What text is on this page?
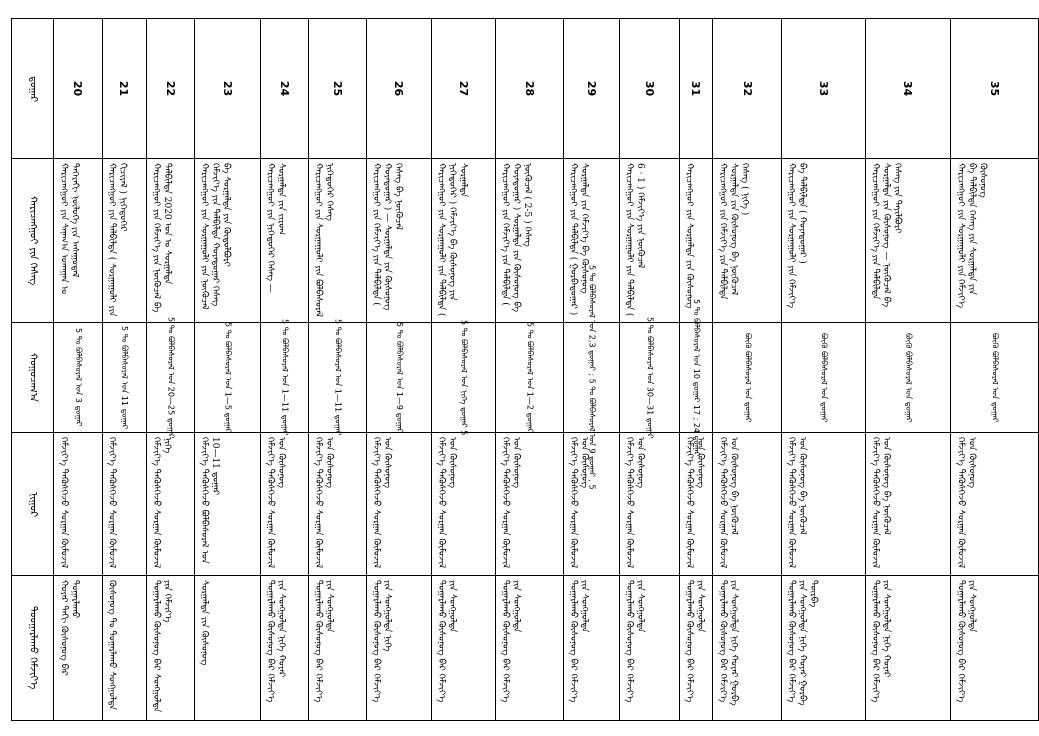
ᠳ᠋ᠤᠭᠠᠷ	20	21	22	23	24	25	26	27	28	29	30	31	32	33	34	35

ᠬᠠᠷᠢᠴᠠᠩᠭᠤᠢ ᠶᠢᠨ ᠬᠡᠰᠡᠭ	ᠬᠠᠷᠢᠴᠠᠩᠭᠤᠢ ᠶᠢᠨ ᠰᠠᠨᠠᠭ᠎ᠠ ᠤᠬᠠᠭᠠᠨ ᠤ ᠳᠡᠭᠡᠷᠡᠬᠢ ᠨᠥᠯᠦᠭᠡ ᠶᠢᠨ ᠠᠰᠠᠭᠤᠳᠠᠯ	ᠬᠠᠷᠢᠴᠠᠩᠭᠤᠢ ᠶᠢᠨ ᠲᠠᠯᠪᠢᠯᠲᠠ ( ᠰᠤᠷᠭᠠᠭᠤᠯᠢ ᠶᠢᠨ ᠬᠢᠴᠢᠶᠡᠯ ) ᠨᠢᠭᠡᠳᠦᠭᠡᠷ	ᠬᠠᠷᠢᠴᠠᠩᠭᠤᠢ ᠶᠢᠨ ᠬᠡᠮᠵᠢᠶ᠎ᠡ ᠶᠢᠨ ᠨᠥᠬᠦᠴᠡᠯ ᠪᠠ ᠲᠠᠯᠪᠢᠯᠲᠠ 2020 ᠣᠨ ᠤ ᠰᠤᠷᠭᠠᠯᠲᠠ	ᠬᠠᠷᠢᠴᠠᠩᠭᠤᠢ ᠶᠢᠨ ᠰᠤᠷᠭᠠᠭᠤᠯᠢ ᠶᠢᠨ ᠨᠥᠬᠦᠴᠡᠯ ᠬᠡᠮᠵᠢᠶ᠎ᠡ ᠶᠢᠨ ᠲᠠᠯᠪᠢᠯᠲᠠ ᠬᠣᠶᠠᠳᠤᠭᠠᠷ ᠬᠡᠰᠡᠭ ᠪᠠ ᠰᠤᠷᠭᠠᠯᠲᠠ ᠶᠢᠨ ᠬᠥᠲᠦᠯᠪᠦᠷᠢ	ᠬᠠᠷᠢᠴᠠᠩᠭᠤᠢ ᠶᠢᠨ ᠨᠢᠭᠡᠳᠦᠭᠡᠷ ᠬᠡᠰᠡᠭ — ᠰᠤᠷᠭᠠᠯᠲᠠ ᠶᠢᠨ ᠵᠢᠷᠤᠭ	ᠬᠠᠷᠢᠴᠠᠩᠭᠤᠢ ᠶᠢᠨ ᠰᠤᠷᠭᠠᠭᠤᠯᠢ ᠶᠢᠨ ᠪᠣᠯᠪᠠᠰᠤᠷᠠᠯ ᠨᠢᠭᠡᠳᠦᠭᠡᠷ ᠬᠡᠰᠡᠭ	ᠬᠠᠷᠢᠴᠠᠩᠭᠤᠢ ᠶᠢᠨ ᠬᠡᠮᠵᠢᠶ᠎ᠡ ᠶᠢᠨ ᠲᠠᠯᠪᠢᠯᠲᠠ ( ᠬᠣᠶᠠᠳᠤᠭᠠᠷ ) — ᠰᠤᠷᠭᠠᠯᠲᠠ ᠶᠢᠨ ᠬᠦᠰᠦᠨᠦᠭ ᠬᠡᠰᠡᠭ ᠪᠠ ᠨᠥᠬᠦᠴᠡᠯ	ᠬᠠᠷᠢᠴᠠᠩᠭᠤᠢ ᠶᠢᠨ ᠰᠤᠷᠭᠠᠭᠤᠯᠢ ᠶᠢᠨ ᠲᠠᠯᠪᠢᠯᠲᠠ ( ᠨᠢᠭᠡᠳᠦᠭᠡᠷ ) ᠬᠡᠮᠵᠢᠶ᠎ᠡ ᠪᠠ ᠬᠦᠰᠦᠨᠦᠭ ᠶᠢᠨ ᠰᠤᠷᠭᠠᠯᠲᠠ	ᠬᠠᠷᠢᠴᠠᠩᠭᠤᠢ ᠶᠢᠨ ᠬᠡᠮᠵᠢᠶ᠎ᠡ ᠶᠢᠨ ᠲᠠᠯᠪᠢᠯᠲᠠ ( ᠬᠣᠶᠠᠳᠤᠭᠠᠷ ) ᠰᠤᠷᠭᠠᠯᠲᠠ ᠶᠢᠨ ᠬᠦᠰᠦᠨᠦᠭ ᠪᠠ ᠨᠥᠬᠦᠴᠡᠯ ( 2-5 ) ᠬᠡᠰᠡᠭ	ᠬᠠᠷᠢᠴᠠᠩᠭᠤᠢ ᠶᠢᠨ ᠲᠠᠯᠪᠢᠯᠲᠠ ( ᠭᠤᠷᠪᠠᠳᠤᠭᠠᠷ ) ᠰᠤᠷᠭᠠᠯᠲᠠ ᠶᠢᠨ ᠬᠡᠮᠵᠢᠶ᠎ᠡ ᠪᠠ ᠬᠦᠰᠦᠨᠦᠭ	ᠬᠠᠷᠢᠴᠠᠩᠭᠤᠢ ᠶᠢᠨ ᠰᠤᠷᠭᠠᠭᠤᠯᠢ ᠶᠢᠨ ᠲᠠᠯᠪᠢᠯᠲᠠ ( 6 · 1 ) ᠬᠡᠮᠵᠢᠶ᠎ᠡ ᠶᠢᠨ ᠨᠥᠬᠦᠴᠡᠯ	ᠬᠠᠷᠢᠴᠠᠩᠭᠤᠢ ᠶᠢᠨ ᠰᠤᠷᠭᠠᠯᠲᠠ ᠶᠢᠨ ᠬᠦᠰᠦᠨᠦᠭ	ᠬᠠᠷᠢᠴᠠᠩᠭᠤᠢ ᠶᠢᠨ ᠬᠡᠮᠵᠢᠶ᠎ᠡ ᠶᠢᠨ ᠲᠠᠯᠪᠢᠯᠲᠠ ᠰᠤᠷᠭᠠᠯᠲᠠ ᠶᠢᠨ ᠬᠦᠰᠦᠨᠦᠭ ᠪᠠ ᠨᠥᠬᠦᠴᠡᠯ ᠬᠡᠰᠡᠭ ( ᠨᠢᠭᠡ )	ᠬᠠᠷᠢᠴᠠᠩᠭᠤᠢ ᠶᠢᠨ ᠰᠤᠷᠭᠠᠭᠤᠯᠢ ᠶᠢᠨ ᠬᠡᠮᠵᠢᠶ᠎ᠡ ᠪᠠ ᠲᠠᠯᠪᠢᠯᠲᠠ ( ᠬᠣᠶᠠᠳᠤᠭᠠᠷ )	ᠬᠠᠷᠢᠴᠠᠩᠭᠤᠢ ᠶᠢᠨ ᠬᠡᠮᠵᠢᠶ᠎ᠡ ᠶᠢᠨ ᠲᠠᠯᠪᠢᠯᠲᠠ ᠰᠤᠷᠭᠠᠯᠲᠠ ᠶᠢᠨ ᠬᠦᠰᠦᠨᠦᠭ — ᠨᠥᠬᠦᠴᠡᠯ ᠪᠠ ᠬᠡᠰᠡᠭ ᠶᠢᠨ ᠲᠠᠶᠢᠯᠪᠤᠷᠢ	ᠬᠠᠷᠢᠴᠠᠩᠭᠤᠢ ᠶᠢᠨ ᠰᠤᠷᠭᠠᠭᠤᠯᠢ ᠶᠢᠨ ᠬᠡᠮᠵᠢᠶ᠎ᠡ ᠪᠠ ᠲᠠᠯᠪᠢᠯᠲᠠ ᠬᠡᠰᠡᠭ ᠶᠢᠨ ᠰᠤᠷᠭᠠᠯᠲᠠ ᠶᠢᠨ ᠬᠦᠰᠦᠨᠦᠭ

ᠬᠤᠭᠤᠴᠠᠭ᠎ᠠ	5 ᠲᠤ ᠪᠣᠯᠪᠠᠰᠤᠷᠠᠯ ᠤᠨ 3 ᠳ᠋ᠤᠭᠠᠷ	5 ᠲᠤ ᠪᠣᠯᠪᠠᠰᠤᠷᠠᠯ ᠤᠨ 11 ᠳ᠋ᠤᠭᠠᠷ	5 ᠲᠤ ᠪᠣᠯᠪᠠᠰᠤᠷᠠᠯ ᠤᠨ 20—25 ᠳ᠋ᠤᠭᠠᠷ	5 ᠲᠤ ᠪᠣᠯᠪᠠᠰᠤᠷᠠᠯ ᠤᠨ 1—5 ᠳ᠋ᠤᠭᠠᠷ	5 ᠲᠤ ᠪᠣᠯᠪᠠᠰᠤᠷᠠᠯ ᠤᠨ 1—11 ᠳ᠋ᠤᠭᠠᠷ	5 ᠲᠤ ᠪᠣᠯᠪᠠᠰᠤᠷᠠᠯ ᠤᠨ 1—11 ᠳ᠋ᠤᠭᠠᠷ	5 ᠲᠤ ᠪᠣᠯᠪᠠᠰᠤᠷᠠᠯ ᠤᠨ 1—9 ᠳ᠋ᠤᠭᠠᠷ	5 ᠲᠤ ᠪᠣᠯᠪᠠᠰᠤᠷᠠᠯ ᠤᠨ ᠨᠢᠭᠡ ᠳ᠋ᠤᠭᠠᠷ 5	5 ᠲᠤ ᠪᠣᠯᠪᠠᠰᠤᠷᠠᠯ ᠤᠨ 1—2 ᠳ᠋ᠤᠭᠠᠷ	5 ᠲᠤ ᠪᠣᠯᠪᠠᠰᠤᠷᠠᠯ ᠤᠨ 2,3 ᠳ᠋ᠤᠭᠠᠷ ; 5 ᠲᠤ ᠪᠣᠯᠪᠠᠰᠤᠷᠠᠯ ᠤᠨ 9 ᠳ᠋ᠤᠭᠠᠷ , 5	5 ᠲᠤ ᠪᠣᠯᠪᠠᠰᠤᠷᠠᠯ ᠤᠨ 30—31 ᠳ᠋ᠤᠭᠠᠷ	5 ᠲᠤ ᠪᠣᠯᠪᠠᠰᠤᠷᠠᠯ ᠤᠨ 10 ᠳ᠋ᠤᠭᠠᠷ 17 ; 24 ᠳ᠋ᠤᠭᠠᠷ	ᠪᠦᠬᠦ ᠪᠣᠯᠪᠠᠰᠤᠷᠠᠯ ᠤᠨ ᠳ᠋ᠤᠭᠠᠷ	ᠪᠦᠬᠦ ᠪᠣᠯᠪᠠᠰᠤᠷᠠᠯ ᠤᠨ ᠳ᠋ᠤᠭᠠᠷ	ᠪᠦᠬᠦ ᠪᠣᠯᠪᠠᠰᠤᠷᠠᠯ ᠤᠨ ᠳ᠋ᠤᠭᠠᠷ	ᠪᠦᠬᠦ ᠪᠣᠯᠪᠠᠰᠤᠷᠠᠯ ᠤᠨ ᠳ᠋ᠤᠭᠠᠷ

ᠨᠢᠭᠤᠷ	ᠬᠡᠮᠵᠢᠶ᠎ᠡ ᠲᠡᠭᠦᠰᠬᠡᠵᠦ ᠰᠤᠷᠭᠠᠨ ᠬᠥᠮᠦᠵᠢᠯ	ᠬᠡᠮᠵᠢᠶ᠎ᠡ ᠲᠡᠭᠦᠰᠬᠡᠵᠦ ᠰᠤᠷᠭᠠᠨ ᠬᠥᠮᠦᠵᠢᠯ	ᠬᠡᠮᠵᠢᠶ᠎ᠡ ᠲᠡᠭᠦᠰᠬᠡᠵᠦ ᠰᠤᠷᠭᠠᠨ ᠬᠥᠮᠦᠵᠢᠯ ᠨᠢᠭᠡ	ᠬᠡᠮᠵᠢᠶ᠎ᠡ ᠲᠡᠭᠦᠰᠬᠡᠵᠦ ᠪᠣᠯᠪᠠᠰᠤᠷᠠᠯ ᠤᠨ 10—11 ᠳ᠋ᠤᠭᠠᠷ	ᠬᠡᠮᠵᠢᠶ᠎ᠡ ᠲᠡᠭᠦᠰᠬᠡᠵᠦ ᠰᠤᠷᠭᠠᠨ ᠬᠥᠮᠦᠵᠢᠯ ᠤᠨ ᠬᠦᠰᠦᠨᠦᠭ	ᠬᠡᠮᠵᠢᠶ᠎ᠡ ᠲᠡᠭᠦᠰᠬᠡᠵᠦ ᠰᠤᠷᠭᠠᠨ ᠬᠥᠮᠦᠵᠢᠯ ᠤᠨ ᠬᠦᠰᠦᠨᠦᠭ	ᠬᠡᠮᠵᠢᠶ᠎ᠡ ᠲᠡᠭᠦᠰᠬᠡᠵᠦ ᠰᠤᠷᠭᠠᠨ ᠬᠥᠮᠦᠵᠢᠯ ᠤᠨ ᠬᠦᠰᠦᠨᠦᠭ	ᠬᠡᠮᠵᠢᠶ᠎ᠡ ᠲᠡᠭᠦᠰᠬᠡᠵᠦ ᠰᠤᠷᠭᠠᠨ ᠬᠥᠮᠦᠵᠢᠯ ᠤᠨ ᠬᠦᠰᠦᠨᠦᠭ	ᠬᠡᠮᠵᠢᠶ᠎ᠡ ᠲᠡᠭᠦᠰᠬᠡᠵᠦ ᠰᠤᠷᠭᠠᠨ ᠬᠥᠮᠦᠵᠢᠯ ᠤᠨ ᠬᠦᠰᠦᠨᠦᠭ	ᠬᠡᠮᠵᠢᠶ᠎ᠡ ᠲᠡᠭᠦᠰᠬᠡᠵᠦ ᠰᠤᠷᠭᠠᠨ ᠬᠥᠮᠦᠵᠢᠯ ᠤᠨ ᠬᠦᠰᠦᠨᠦᠭ	ᠬᠡᠮᠵᠢᠶ᠎ᠡ ᠲᠡᠭᠦᠰᠬᠡᠵᠦ ᠰᠤᠷᠭᠠᠨ ᠬᠥᠮᠦᠵᠢᠯ ᠤᠨ ᠬᠦᠰᠦᠨᠦᠭ	ᠬᠡᠮᠵᠢᠶ᠎ᠡ ᠲᠡᠭᠦᠰᠬᠡᠵᠦ ᠰᠤᠷᠭᠠᠨ ᠬᠥᠮᠦᠵᠢᠯ ᠤᠨ ᠬᠦᠰᠦᠨᠦᠭ	ᠬᠡᠮᠵᠢᠶ᠎ᠡ ᠲᠡᠭᠦᠰᠬᠡᠵᠦ ᠰᠤᠷᠭᠠᠨ ᠬᠥᠮᠦᠵᠢᠯ ᠤᠨ ᠬᠦᠰᠦᠨᠦᠭ ᠪᠠ ᠨᠥᠬᠦᠴᠡᠯ	ᠬᠡᠮᠵᠢᠶ᠎ᠡ ᠲᠡᠭᠦᠰᠬᠡᠵᠦ ᠰᠤᠷᠭᠠᠨ ᠬᠥᠮᠦᠵᠢᠯ ᠤᠨ ᠬᠦᠰᠦᠨᠦᠭ ᠪᠠ ᠨᠥᠬᠦᠴᠡᠯ	ᠬᠡᠮᠵᠢᠶ᠎ᠡ ᠲᠡᠭᠦᠰᠬᠡᠵᠦ ᠰᠤᠷᠭᠠᠨ ᠬᠥᠮᠦᠵᠢᠯ ᠤᠨ ᠬᠦᠰᠦᠨᠦᠭ ᠪᠠ ᠨᠥᠬᠦᠴᠡᠯ	ᠬᠡᠮᠵᠢᠶ᠎ᠡ ᠲᠡᠭᠦᠰᠬᠡᠵᠦ ᠰᠤᠷᠭᠠᠨ ᠬᠥᠮᠦᠵᠢᠯ ᠤᠨ ᠬᠦᠰᠦᠨᠦᠭ

ᠳᠤᠤᠭᠠᠷᠯᠠᠬᠤ ᠬᠡᠮᠵᠢᠶ᠎ᠡ	ᠬᠣᠶᠠᠷ ᠳᠠᠬᠢ ᠬᠦᠰᠦᠨᠦᠭ ᠪᠡᠷ ᠳᠤᠭᠠᠷᠯᠠᠬᠤ	ᠬᠦᠰᠦᠨᠦᠭ ᠲᠤ ᠳᠤᠭᠠᠷᠯᠠᠬᠤ ᠰᠣᠩᠭᠤᠯᠲᠠ	ᠳᠤᠭᠠᠷᠯᠠᠬᠤ ᠬᠦᠰᠦᠨᠦᠭ ᠪᠡᠷ ᠰᠣᠩᠭᠤᠯᠲᠠ ᠶᠢᠨ ᠬᠡᠮᠵᠢᠶ᠎ᠡ	ᠰᠤᠷᠭᠠᠯᠲᠠ ᠶᠢᠨ ᠬᠦᠰᠦᠨᠦᠭ	ᠳᠤᠭᠠᠷᠯᠠᠬᠤ ᠬᠦᠰᠦᠨᠦᠭ ᠪᠡᠷ ᠬᠡᠮᠵᠢᠶ᠎ᠡ ᠶᠢᠨ ᠰᠣᠩᠭᠤᠯᠲᠠ ᠨᠢᠭᠡ ᠬᠣᠶᠠᠷ	ᠳᠤᠭᠠᠷᠯᠠᠬᠤ ᠬᠦᠰᠦᠨᠦᠭ ᠪᠡᠷ ᠬᠡᠮᠵᠢᠶ᠎ᠡ ᠶᠢᠨ ᠰᠣᠩᠭᠤᠯᠲᠠ	ᠳᠤᠭᠠᠷᠯᠠᠬᠤ ᠬᠦᠰᠦᠨᠦᠭ ᠪᠡᠷ ᠬᠡᠮᠵᠢᠶ᠎ᠡ ᠶᠢᠨ ᠰᠣᠩᠭᠤᠯᠲᠠ ᠨᠢᠭᠡ	ᠳᠤᠭᠠᠷᠯᠠᠬᠤ ᠬᠦᠰᠦᠨᠦᠭ ᠪᠡᠷ ᠬᠡᠮᠵᠢᠶ᠎ᠡ ᠶᠢᠨ ᠰᠣᠩᠭᠤᠯᠲᠠ	ᠳᠤᠭᠠᠷᠯᠠᠬᠤ ᠬᠦᠰᠦᠨᠦᠭ ᠪᠡᠷ ᠬᠡᠮᠵᠢᠶ᠎ᠡ ᠶᠢᠨ ᠰᠣᠩᠭᠤᠯᠲᠠ	ᠳᠤᠭᠠᠷᠯᠠᠬᠤ ᠬᠦᠰᠦᠨᠦᠭ ᠪᠡᠷ ᠬᠡᠮᠵᠢᠶ᠎ᠡ ᠶᠢᠨ ᠰᠣᠩᠭᠤᠯᠲᠠ	ᠳᠤᠭᠠᠷᠯᠠᠬᠤ ᠬᠦᠰᠦᠨᠦᠭ ᠪᠡᠷ ᠬᠡᠮᠵᠢᠶ᠎ᠡ ᠶᠢᠨ ᠰᠣᠩᠭᠤᠯᠲᠠ	ᠳᠤᠭᠠᠷᠯᠠᠬᠤ ᠬᠦᠰᠦᠨᠦᠭ ᠪᠡᠷ ᠬᠡᠮᠵᠢᠶ᠎ᠡ ᠶᠢᠨ ᠰᠣᠩᠭᠤᠯᠲᠠ	ᠳᠤᠭᠠᠷᠯᠠᠬᠤ ᠬᠦᠰᠦᠨᠦᠭ ᠪᠡᠷ ᠬᠡᠮᠵᠢᠶ᠎ᠡ ᠶᠢᠨ ᠰᠣᠩᠭᠤᠯᠲᠠ ᠨᠢᠭᠡ ᠬᠣᠶᠠᠷ ᠭᠤᠷᠪᠠ	ᠳᠤᠭᠠᠷᠯᠠᠬᠤ ᠬᠦᠰᠦᠨᠦᠭ ᠪᠡᠷ ᠬᠡᠮᠵᠢᠶ᠎ᠡ ᠶᠢᠨ ᠰᠣᠩᠭᠤᠯᠲᠠ ᠨᠢᠭᠡ ᠬᠣᠶᠠᠷ ᠭᠤᠷᠪᠠ ᠳᠥᠷᠪᠡ	ᠳᠤᠭᠠᠷᠯᠠᠬᠤ ᠬᠦᠰᠦᠨᠦᠭ ᠪᠡᠷ ᠬᠡᠮᠵᠢᠶ᠎ᠡ ᠶᠢᠨ ᠰᠣᠩᠭᠤᠯᠲᠠ ᠨᠢᠭᠡ ᠬᠣᠶᠠᠷ	ᠳᠤᠭᠠᠷᠯᠠᠬᠤ ᠬᠦᠰᠦᠨᠦᠭ ᠪᠡᠷ ᠬᠡᠮᠵᠢᠶ᠎ᠡ ᠶᠢᠨ ᠰᠣᠩᠭᠤᠯᠲᠠ
